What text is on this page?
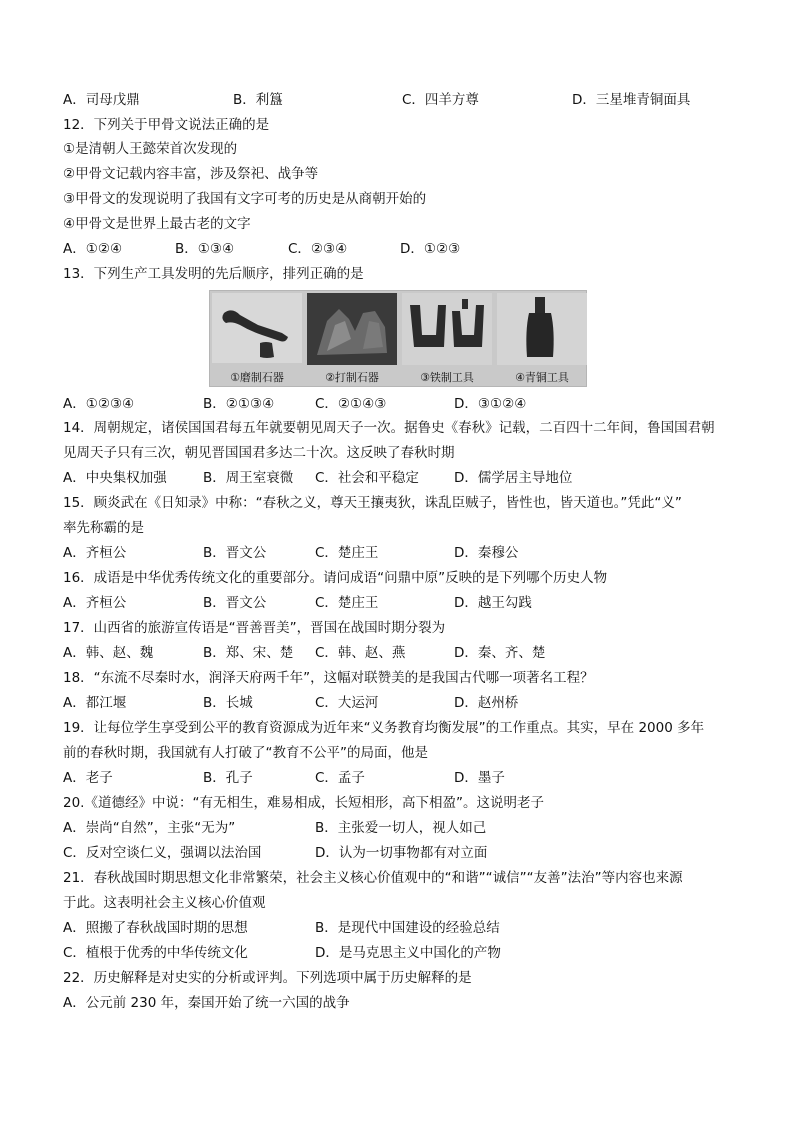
A．司母戊鼎	B．利簋	C．四羊方尊	D．三星堆青铜面具
12．下列关于甲骨文说法正确的是
①是清朝人王懿荣首次发现的
②甲骨文记载内容丰富，涉及祭祀、战争等
③甲骨文的发现说明了我国有文字可考的历史是从商朝开始的
④甲骨文是世界上最古老的文字
A．①②④	B．①③④	C．②③④	D．①②③
13．下列生产工具发明的先后顺序，排列正确的是
①磨制石器	②打制石器	③铁制工具	④青铜工具
A．①②③④	B．②①③④	C．②①④③	D．③①②④
14．周朝规定，诸侯国国君每五年就要朝见周天子一次。据鲁史《春秋》记载，二百四十二年间，鲁国国君朝
见周天子只有三次，朝见晋国国君多达二十次。这反映了春秋时期
A．中央集权加强	B．周王室衰微 C．社会和平稳定	D．儒学居主导地位
15．顾炎武在《日知录》中称：“春秋之义，尊天王攘夷狄，诛乱臣贼子，皆性也，皆天道也。”凭此“义”
率先称霸的是
A．齐桓公	B．晋文公	C．楚庄王	D．秦穆公
16．成语是中华优秀传统文化的重要部分。请问成语“问鼎中原”反映的是下列哪个历史人物
A．齐桓公	B．晋文公	C．楚庄王	D．越王勾践
17．山西省的旅游宣传语是“晋善晋美”，晋国在战国时期分裂为
A．韩、赵、魏	B．郑、宋、楚 C．韩、赵、燕	D．秦、齐、楚
18．“东流不尽秦时水，润泽天府两千年”，这幅对联赞美的是我国古代哪一项著名工程？
A．都江堰	B．长城	C．大运河	D．赵州桥
19．让每位学生享受到公平的教育资源成为近年来“义务教育均衡发展”的工作重点。其实，早在 2000 多年
前的春秋时期，我国就有人打破了“教育不公平”的局面，他是
A．老子	B．孔子	C．孟子	D．墨子
20.《道德经》中说：“有无相生，难易相成，长短相形，高下相盈”。这说明老子
A．崇尚“自然”，主张“无为”	B．主张爱一切人，视人如己
C．反对空谈仁义，强调以法治国	D．认为一切事物都有对立面
21．春秋战国时期思想文化非常繁荣，社会主义核心价值观中的“和谐”“诚信”“友善”法治”等内容也来源
于此。这表明社会主义核心价值观
A．照搬了春秋战国时期的思想	B．是现代中国建设的经验总结
C．植根于优秀的中华传统文化	D．是马克思主义中国化的产物
22．历史解释是对史实的分析或评判。下列选项中属于历史解释的是
A．公元前 230 年，秦国开始了统一六国的战争
